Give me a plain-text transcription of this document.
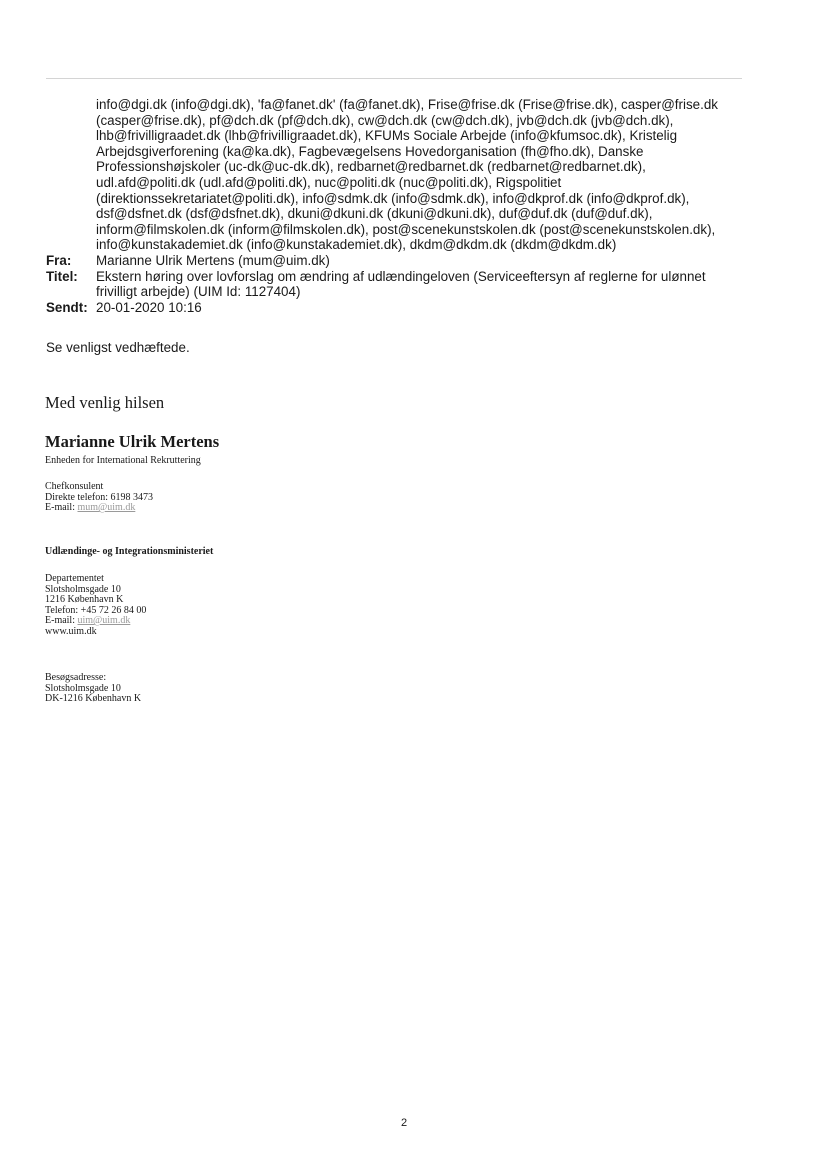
info@dgi.dk (info@dgi.dk), 'fa@fanet.dk' (fa@fanet.dk), Frise@frise.dk (Frise@frise.dk), casper@frise.dk
(casper@frise.dk), pf@dch.dk (pf@dch.dk), cw@dch.dk (cw@dch.dk), jvb@dch.dk (jvb@dch.dk),
lhb@frivilligraadet.dk (lhb@frivilligraadet.dk), KFUMs Sociale Arbejde (info@kfumsoc.dk), Kristelig
Arbejdsgiverforening (ka@ka.dk), Fagbevægelsens Hovedorganisation (fh@fho.dk), Danske
Professionshøjskoler (uc-dk@uc-dk.dk), redbarnet@redbarnet.dk (redbarnet@redbarnet.dk),
udl.afd@politi.dk (udl.afd@politi.dk), nuc@politi.dk (nuc@politi.dk), Rigspolitiet
(direktionssekretariatet@politi.dk), info@sdmk.dk (info@sdmk.dk), info@dkprof.dk (info@dkprof.dk),
dsf@dsfnet.dk (dsf@dsfnet.dk), dkuni@dkuni.dk (dkuni@dkuni.dk), duf@duf.dk (duf@duf.dk),
inform@filmskolen.dk (inform@filmskolen.dk), post@scenekunstskolen.dk (post@scenekunstskolen.dk),
info@kunstakademiet.dk (info@kunstakademiet.dk), dkdm@dkdm.dk (dkdm@dkdm.dk)
Fra:	Marianne Ulrik Mertens (mum@uim.dk)
Titel:	Ekstern høring over lovforslag om ændring af udlændingeloven (Serviceeftersyn af reglerne for ulønnet
frivilligt arbejde) (UIM Id: 1127404)
Sendt: 20-01-2020 10:16
Se venligst vedhæftede.
Med venlig hilsen
Marianne Ulrik Mertens
Enheden for International Rekruttering
Chefkonsulent
Direkte telefon: 6198 3473
E-mail: mum@uim.dk
Udlændinge- og Integrationsministeriet
Departementet
Slotsholmsgade 10
1216 København K
Telefon: +45 72 26 84 00
E-mail: uim@uim.dk
www.uim.dk
Besøgsadresse:
Slotsholmsgade 10
DK-1216 København K
2
